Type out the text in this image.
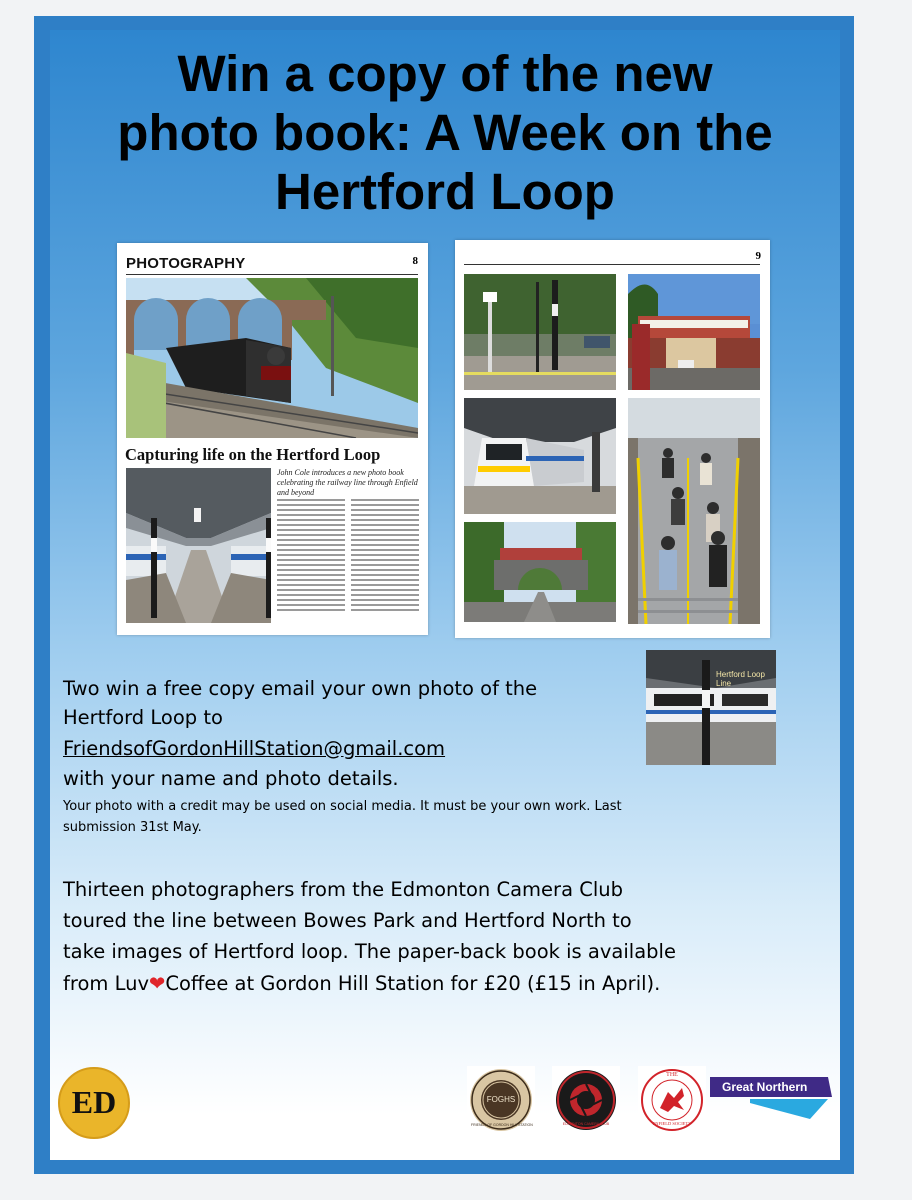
Win a copy of the new
photo book: A Week on the
Hertford Loop
PHOTOGRAPHY	8
Capturing life on the Hertford Loop
John Cole introduces a new photo book celebrating the railway line through Enfield and beyond
9
Two win a free copy email your own photo of the
Hertford Loop to
FriendsofGordonHillStation@gmail.com
with your name and photo details.
Your photo with a credit may be used on social media. It must be your own work. Last
submission 31st May.
Hertford Loop Line
Thirteen photographers from the Edmonton Camera Club
toured the line between Bowes Park and Hertford North to
take images of Hertford loop. The paper-back book is available
from Luv❤Coffee at Gordon Hill Station for £20 (£15 in April).
ED	FOGHS
FRIENDS OF GORDON HILL STATION	EDMONTON CAMERA CLUB
THE
ENFIELD SOCIETY
Great Northern
